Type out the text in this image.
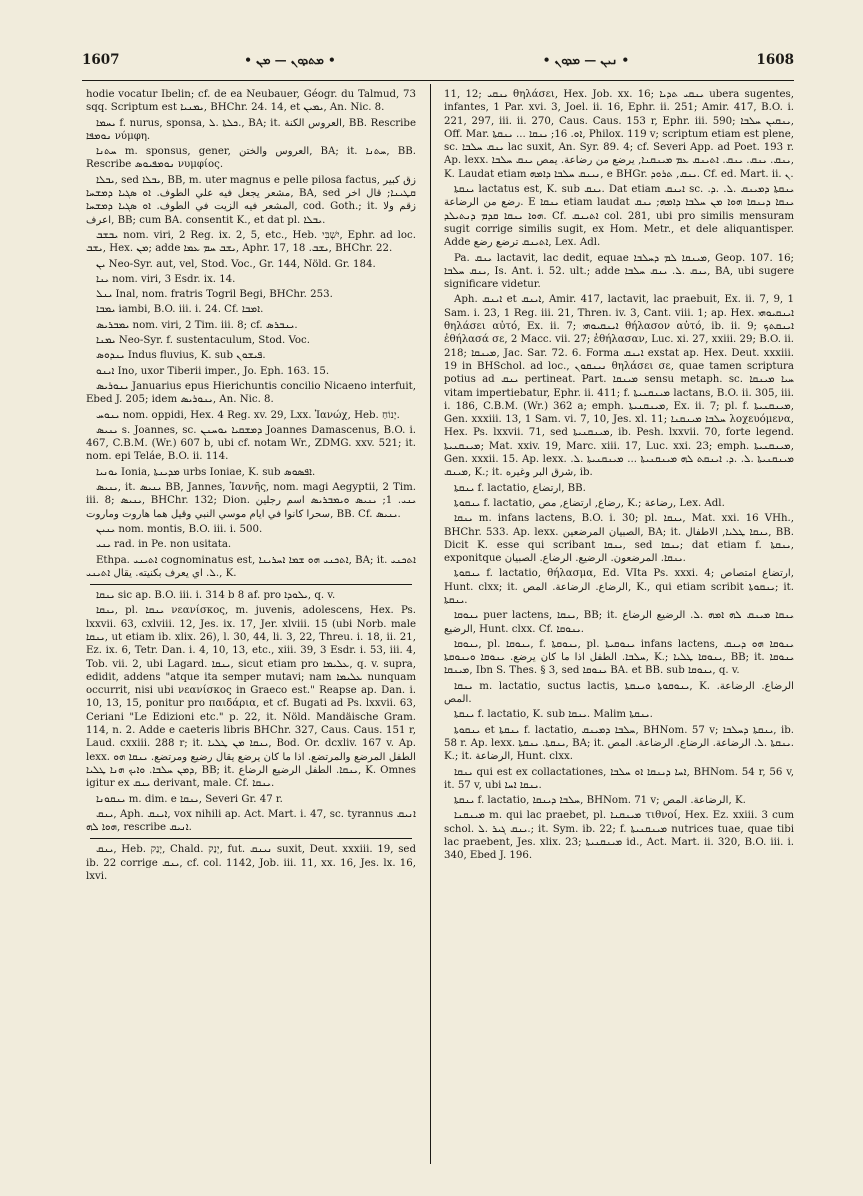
1607	• ܡܬܕܘܢ — ܡܢ •	• ܢܝܢ — ܡܕܘܢ •	1608

hodie vocatur Ibelin; cf. de ea Neubauer, Géogr. du Talmud, 73 sqq. Scriptum est ܝܡܢܝܐ, BHChr. 24. 14, et ܝܡܝܢ, An. Nic. 8.

ܝܚܡܐ f. nurus, sponsa, ܟܠܬܐ .ܠ., BA; it. العروس الكنة, BB. Rescribe ܢܘܡܦܐ νύμφη.

ܚܬܢܐ m. sponsus, gener, العروس والختن, BA; it. ܚܬܢܐ, BB. Rescribe ܢܘܡܦܝܘܣ νυμφίος.

ܝܒܠܐ, sed ܝܒܠܐ, BB, m. uter magnus e pelle pilosa factus, زق كبير مشعر يجعل فيه علي الطوف. ܐܘ ܣܓܝܐ ܕܡܫܚܐ, BA, sed ܩܛܝܢܐ; قال اخر المشعر فيه الزيت في الطوف. ܐܘ ܣܓܝܐ ܕܡܫܚܐ, cod. Goth.; it. زقم ولا اعرف, BB; cum BA. consentit K., et dat pl. ܝܒܠܐ.

ܝܒܫܒ nom. viri, 2 Reg. ix. 2, 5, etc., Heb. יִשְׁבִּי, Ephr. ad loc. ܝܫܒ, Hex. ܡܢ; adde ܝܫܒ ܚܡ ܥܡܐ, Aphr. 17, ܝܫܒ. 18, BHChr. 22.

ܝܢ Neo-Syr. aut, vel, Stod. Voc., Gr. 144, Nöld. Gr. 184.

ܝܢܐ nom. viri, 3 Esdr. ix. 14.

ܝܢܠ Inal, nom. fratris Togril Begi, BHChr. 253.

ܝܡܒܐ iambi, B.O. iii. i. 24. Cf. ܐܡܒܐ.

ܝܡܒܪܝܣ nom. viri, 2 Tim. iii. 8; cf. ܝܢܒܪܣ.

ܝܡܢܐ Neo-Syr. f. sustentaculum, Stod. Voc.

ܝܢܕܘܣ Indus fluvius, K. sub ܦܝܫܘܢ.

ܐܝܢܘ Ino, uxor Tiberii imper., Jo. Eph. 163. 15.

ܝܢܘܪܝܣ Januarius epus Hierichuntis concilio Nicaeno interfuit, Ebed J. 205; idem ܝܢܘܪܝܣ, An. Nic. 8.

ܝܢܘܚ nom. oppidi, Hex. 4 Reg. xv. 29, Lxx. Ἰανώχ, Heb. יָנוֹחַ.

ܝܢܝܣ s. Joannes, sc. ܕܡܫܩܝܐ ܝܘܚܢܢ Joannes Damascenus, B.O. i. 467, C.B.M. (Wr.) 607 b, ubi cf. notam Wr., ZDMG. xxv. 521; it. nom. epi Teláe, B.O. ii. 114.

ܝܘܢܝܐ Ionia, ܡܕܝܢܬܐ urbs Ioniae, K. sub ܐܦܣܘܣ.

ܝܢܝܣ, it. ܝܢܝܣ BB, Jannes, Ἰαννῆς, nom. magi Aegyptii, 2 Tim. iii. 8; ܝܢܝܣ, BHChr. 132; Dion. ܝܢܝ. 1; ܝܢܝܣ ܘܝܡܒܪܝܣ اسم رجلين سحرا كانوا في ايام موسي النبي وقيل هما هاروت وماروت, BB. Cf. ܝܢܝܣ.

ܝܢܝܢ nom. montis, B.O. iii. i. 500.

ܝܢܝ rad. in Pe. non usitata.

Ethpa. ܐܬܝܢܝ cognominatus est, ܐܬܟܢܝ ܗܘ ܫܡܐ ܐܚܪܝܢܐ, BA; it. ܐܬܟܢܝ .ܠ. اي يعرف بكنيته. يقال ܐܬܝܢܝ, K.

ܝܢܩܐ sic ap. B.O. iii. i. 314 b 8 af. pro ܝܠܘܕܐ, q. v.

ܝܢܩܐ, pl. ܝܢܩܐ νεανίσκος, m. juvenis, adolescens, Hex. Ps. lxxvii. 63, cxlviii. 12, Jes. ix. 17, Jer. xlviii. 15 (ubi Norb. male ܝܢܩܐ, ut etiam ib. xlix. 26), l. 30, 44, li. 3, 22, Threu. i. 18, ii. 21, Ez. ix. 6, Tetr. Dan. i. 4, 10, 13, etc., xiii. 39, 3 Esdr. i. 53, iii. 4, Tob. vii. 2, ubi Lagard. ܝܢܩܐ, sicut etiam pro ܥܠܝܡܐ, q. v. supra, edidit, addens "atque ita semper mutavi; nam ܥܠܝܡܐ nunquam occurrit, nisi ubi νεανίσκος in Graeco est." Reapse ap. Dan. i. 10, 13, 15, ponitur pro παιδάρια, et cf. Bugati ad Ps. lxxvii. 63, Ceriani "Le Edizioni etc." p. 22, it. Nöld. Mandäische Gram. 114, n. 2. Adde e caeteris libris BHChr. 327, Caus. Caus. 151 r, Laud. cxxiii. 288 r; it. ܝܢܩܐ ܡܢ ܛܠܝܐ, Bod. Or. dcxliv. 167 v. Ap. lexx. الطفل المرضع والمرتضع. اذا ما كان يرضع يقال رضيع ومرتضع. ܝܢܩܐ ܗܘ ܕܡܢ ܚܠܒܐ. ܘܐܝܟ ܗܢܐ ܛܠܝܐ, BB; it. ܝܢܩܐ. الطفل الرضيع الرضاع, K. Omnes igitur ex ܝܢܩ derivant, male. Cf. ܝܢܩܐ.

ܝܢܩܘܢܐ m. dim. e ܝܢܩܐ, Severi Gr. 47 r.

ܝܢܩ, Aph. ܐܝܢܩ, vox nihili ap. Act. Mart. i. 47, sc. tyrannus ܐܢܝܩ ܗܘܐ ܠܗ, rescribe ܐܢܝܩ.

ܝܢܩ, Heb. יָנַק, Chald. יְנַק, fut. ܢܝܢܩ suxit, Deut. xxxiii. 19, sed ib. 22 corrige ܝܢܩ, cf. col. 1142, Job. iii. 11, xx. 16, Jes. lx. 16, lxvi.

11, 12; ܝܢܩܝ θηλάσει, Hex. Job. xx. 16; ܝܢܩܝ ܬܕܝܐ ubera sugentes, infantes, 1 Par. xvi. 3, Joel. ii. 16, Ephr. ii. 251; Amir. 417, B.O. i. 221, 297, iii. ii. 270, Caus. Caus. 153 r, Ephr. iii. 590; ܝܢܩܝܢ ܚܠܒܐ, Off. Mar. ܐܘ. 16; ܝܢܩܐ ... ܝܢܩܬܐ, Philox. 119 v; scriptum etiam est plene, sc. ܝܢܩ ܚܠܒܐ lac suxit, An. Syr. 89. 4; cf. Severi App. ad Poet. 193 r. Ap. lexx. ܝܢܩ. ܝܢܩ. ܝܢܩ. ܐܬܝܢܩ ܥܡ ܡܝܢܩܢܐ, يرضع من رضاعة. يمص ܝܢܩ ܚܠܒܐ, K. Laudat etiam ܢܝܢܩ ܚܠܒܐ ܕܐܡܗ, e BHGr. ܝܢܩ, ܬܪܘܕ. Cf. ed. Mart. ii. ܢ.

ܝܢܩܬܐ lactatus est, K. sub ܝܢܩ. Dat etiam ܐܝܢܩ sc. ܝܢܩܬܐ ܕܡܝܢܩ .ܠ. .ܕ. رضع من الرضاعة. E ܝܢܩܐ etiam laudat ܝܢܩܐ ܕܝܢܩܐ ܗܘܐ ܡܢ ܚܠܒܐ ܕܐܡܗ; ܝܢܩ ܗܘܐ ܝܢܩܐ ܩܕܡ ܕܢܬܝܠܕ. Cf. ܐܬܝܢܩ col. 281, ubi pro similis mensuram sugit corrige similis sugit, ex Hom. Metr., et dele aliquantisper. Adde ܐܬܝܢܩ ترضع رضع, Lex. Adl.

Pa. ܝܢܩ lactavit, lac dedit, equae ܡܝܢܩܐ ܠܡ ܕܚܠܒܐ, Geop. 107. 16; ܝܢܩ ܚܠܒܐ, Is. Ant. i. 52. ult.; adde ܝܢܩ .ܠ. ܝܢܩ ܚܠܒܐ, BA, ubi sugere significare videtur.

Aph. ܐܝܢܩ et ܐܝܢܩ, Amir. 417, lactavit, lac praebuit, Ex. ii. 7, 9, 1 Sam. i. 23, 1 Reg. iii. 21, Thren. iv. 3, Cant. viii. 1; ap. Hex. ܐܝܢܩܝܘܗܝ θηλάσει αὐτό, Ex. ii. 7; ܐܝܢܩܝܘܗܝ θήλασον αὐτό, ib. ii. 9; ܐܝܢܩܬܟ ἐθήλασά σε, 2 Macc. vii. 27; ἐθήλασαν, Luc. xi. 27, xxiii. 29; B.O. ii. 218; ܡܝܢܩܐ, Jac. Sar. 72. 6. Forma ܐܝܢܩ exstat ap. Hex. Deut. xxxiii. 19 in BHSchol. ad loc., ܢܝܢܩܘܢ θηλάσει σε, quae tamen scriptura potius ad ܝܢܩ pertineat. Part. ܡܝܢܩܐ sensu metaph. sc. ܚܝܐ ܡܝܢܩܐ vitam impertiebatur, Ephr. ii. 411; f. ܡܝܢܩܢܝܬܐ lactans, B.O. ii. 305, iii. i. 186, C.B.M. (Wr.) 362 a; emph. ܡܝܢܩܢܝܬܐ, Ex. ii. 7; pl. f. ܡܝܢܩܢܝܬܐ, Gen. xxxiii. 13, 1 Sam. vi. 7, 10, Jes. xl. 11; ܚܠܒܐ ܡܝܢܩܢܐ λοχευόμενα, Hex. Ps. lxxvii. 71, sed ܡܝܢܩܢܝܬܐ, ib. Pesh. lxxvii. 70, forte legend. ܡܝܢܩܢܝܬܐ; Mat. xxiv. 19, Marc. xiii. 17, Luc. xxi. 23; emph. ܡܝܢܩܢܝܬܐ, Gen. xxxii. 15. Ap. lexx. ܡܝܢܩܢܝܬܐ .ܠ. .ܕ. ܐܝܢܩܬ ܠܗ ܡܝܢܩܢܝܬܐ ... ܡܝܢܩܢܝܬܐ .ܠ. ܡܝܢܩ, K.; it. شرق البر وغيره, ib.

ܝܢܩܬܐ f. lactatio, ارتضاع, BB.

ܝܢܩܘܬܐ f. lactatio, رضاع, ارتضاع, مص, K.; رضاعة, Lex. Adl.

ܝܢܩܐ m. infans lactens, B.O. i. 30; pl. ܝܢܩܐ, Mat. xxi. 16 VHh., BHChr. 533. Ap. lexx. الصبيان المرضعين, BA; it. ܝܢܩܐ ܛܠܝܐ, الاطفال, BB. Dicit K. esse qui scribant ܝܢܩܐ, sed ܝܢܩܐ; dat etiam f. ܝܢܩܬܐ, exponitque ܝܢܩܐ. المرضعون. الرضيع. الرضاع. الصبيان.

ܝܢܩܘܬܐ f. lactatio, θήλασμα, Ed. VIta Ps. xxxi. 4; ارتضاع امتصاص, Hunt. clxx; it. الرضاع. الرضاعة. المص, K., qui etiam scribit ܝܢܩܘܬܐ; it. ܝܢܩܬܐ.

ܝܢܘܩܐ puer lactens, ܝܢܩܐ, BB; it. ܝܢܩܐ ܡܝܢܩ ܠܗ ܐܡܗ .ܠ. الرضيع الرضاع الرضيع, Hunt. clxx. Cf. ܝܢܘܩܐ.

ܝܢܘܩܐ, pl. ܝܢܘܩܐ, f. ܝܢܘܩܬܐ, pl. ܝܢܘܩܝܬܐ infans lactens, ܝܢܘܩܐ ܗܘ ܕܝܢܩ ܚܠܒܐ. الطفل اذا ما كان يرضع. ܝܢܘܩܐ ܘܝܢܘܩܬܐ, K.; ܝܢܘܩܐ ܛܠܝܐ, BB; it. ܝܢܘܩܐ ܡܝܢܩܐ, Ibn S. Thes. § 3, sed ܝܢܘܩܐ BA. et BB. sub ܝܢܘܩܐ, q. v.

ܝܢܩܐ m. lactatio, suctus lactis, ܝܢܘܩܘܬܐ ܘܝܢܩܬܐ, K. الرضاع. الرضاعة. المص.

ܝܢܩܬܐ f. lactatio, K. sub ܝܢܩܐ. Malim ܝܢܩܬܐ.

ܝܢܩܘܬܐ et ܝܢܩܬܐ f. lactatio, ܚܠܒܐ ܕܡܝܢܩ, BHNom. 57 v; ܝܢܩܬܐ ܕܚܠܒܐ, ib. 58 r. Ap. lexx. ܝܢܩܬܐ. ܝܢܩܬܐ, BA; it. ܝܢܩܬܐ .ܠ. الرضاعة. الرضاع. الرضاعة. المص. K.; it. الرضاعة, Hunt. clxx.

ܝܢܩܐ qui est ex collactationes, ܐܚܐ ܕܝܢܩܐ ܐܘ ܚܠܒܐ, BHNom. 54 r, 56 v, it. 57 v, ubi ܝܢܩܐ ܐܚܐ.

ܝܢܩܬܐ f. lactatio, ܚܠܒܐ ܕܝܢܩܐ, BHNom. 71 v; الرضاعة. المص, K.

ܡܝܢܩܢܐ m. qui lac praebet, pl. ܡܝܢܩܢܐ τιθνοί, Hex. Ez. xxiii. 3 cum schol. ܝܢܩ ܓܝܪ .ܠ.; it. Sym. ib. 22; f. ܡܝܢܩܢܝܬܐ nutrices tuae, quae tibi lac praebent, Jes. xlix. 23; ܡܝܢܩܢܝܬܐ id., Act. Mart. ii. 320, B.O. iii. i. 340, Ebed J. 196.
